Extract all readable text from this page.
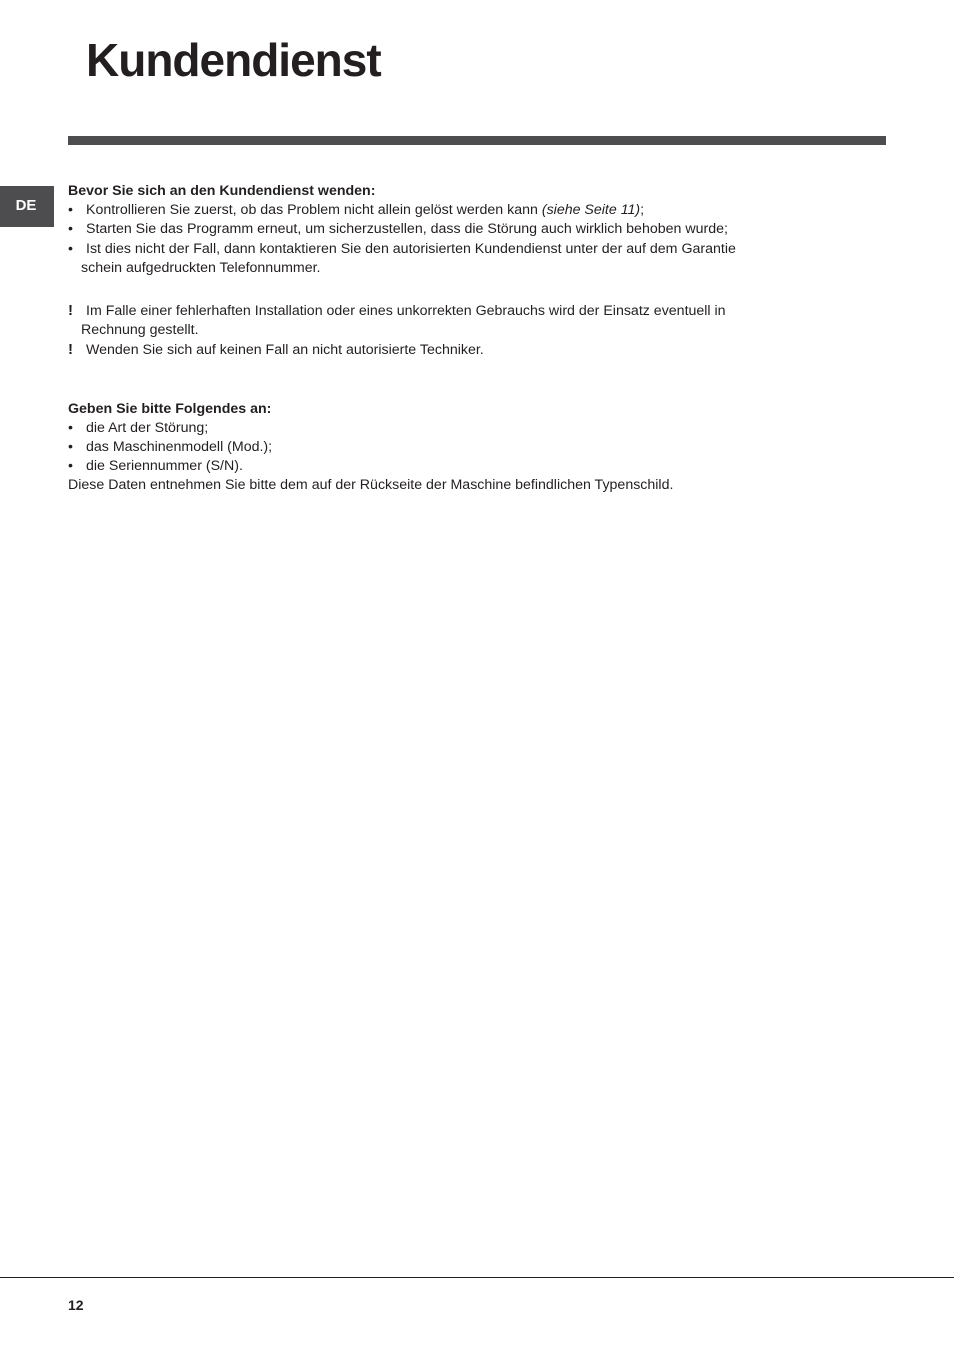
Kundendienst
DE

Bevor Sie sich an den Kundendienst wenden:

• Kontrollieren Sie zuerst, ob das Problem nicht allein gelöst werden kann (siehe Seite 11);
• Starten Sie das Programm erneut, um sicherzustellen, dass die Störung auch wirklich behoben wurde;
• Ist dies nicht der Fall, dann kontaktieren Sie den autorisierten Kundendienst unter der auf dem Garantie schein aufgedruckten Telefonnummer.
! Im Falle einer fehlerhaften Installation oder eines unkorrekten Gebrauchs wird der Einsatz eventuell in Rechnung gestellt.
! Wenden Sie sich auf keinen Fall an nicht autorisierte Techniker.

Geben Sie bitte Folgendes an:

• die Art der Störung;
• das Maschinenmodell (Mod.);
• die Seriennummer (S/N).

Diese Daten entnehmen Sie bitte dem auf der Rückseite der Maschine befindlichen Typenschild.

12
